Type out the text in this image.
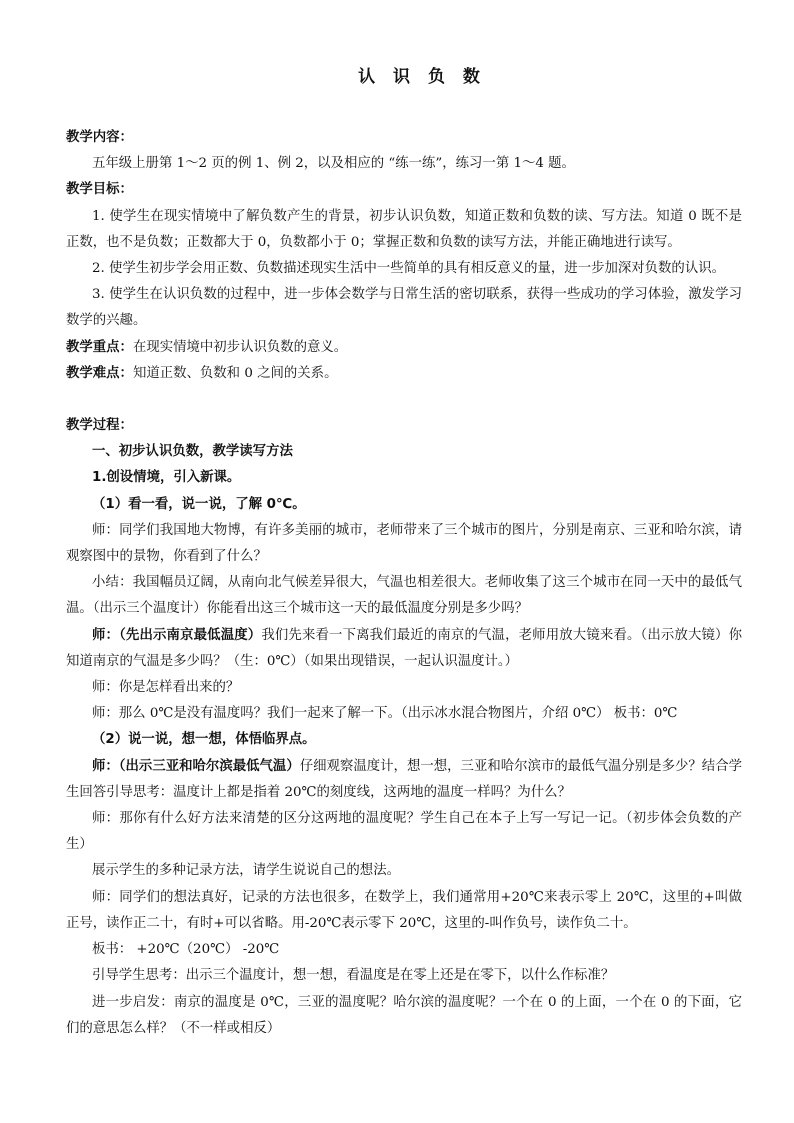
认 识 负 数
教学内容：
五年级上册第 1～2 页的例 1、例 2，以及相应的 “练一练”，练习一第 1～4 题。
教学目标：
1. 使学生在现实情境中了解负数产生的背景，初步认识负数，知道正数和负数的读、写方法。知道 0 既不是正数，也不是负数；正数都大于 0，负数都小于 0；掌握正数和负数的读写方法，并能正确地进行读写。
2. 使学生初步学会用正数、负数描述现实生活中一些简单的具有相反意义的量，进一步加深对负数的认识。
3. 使学生在认识负数的过程中，进一步体会数学与日常生活的密切联系，获得一些成功的学习体验，激发学习数学的兴趣。
教学重点：在现实情境中初步认识负数的意义。
教学难点：知道正数、负数和 0 之间的关系。
教学过程：
一、初步认识负数，教学读写方法
1.创设情境，引入新课。
（1）看一看，说一说，了解 0℃。
师：同学们我国地大物博，有许多美丽的城市，老师带来了三个城市的图片，分别是南京、三亚和哈尔滨，请观察图中的景物，你看到了什么？
小结：我国幅员辽阔，从南向北气候差异很大，气温也相差很大。老师收集了这三个城市在同一天中的最低气温。（出示三个温度计）你能看出这三个城市这一天的最低温度分别是多少吗？
师：（先出示南京最低温度）我们先来看一下离我们最近的南京的气温，老师用放大镜来看。（出示放大镜）你知道南京的气温是多少吗？（生：0℃）（如果出现错误，一起认识温度计。）
师：你是怎样看出来的？
师：那么 0℃是没有温度吗？我们一起来了解一下。（出示冰水混合物图片，介绍 0℃） 板书：0℃
（2）说一说，想一想，体悟临界点。
师：（出示三亚和哈尔滨最低气温）仔细观察温度计，想一想，三亚和哈尔滨市的最低气温分别是多少？结合学生回答引导思考：温度计上都是指着 20℃的刻度线，这两地的温度一样吗？为什么？
师：那你有什么好方法来清楚的区分这两地的温度呢？学生自己在本子上写一写记一记。（初步体会负数的产生）
展示学生的多种记录方法，请学生说说自己的想法。
师：同学们的想法真好，记录的方法也很多，在数学上，我们通常用+20℃来表示零上 20℃，这里的+叫做正号，读作正二十，有时+可以省略。用-20℃表示零下 20℃，这里的-叫作负号，读作负二十。
板书： +20℃（20℃） -20℃
引导学生思考：出示三个温度计，想一想，看温度是在零上还是在零下，以什么作标准？
进一步启发：南京的温度是 0℃，三亚的温度呢？哈尔滨的温度呢？一个在 0 的上面，一个在 0 的下面，它们的意思怎么样？（不一样或相反）
